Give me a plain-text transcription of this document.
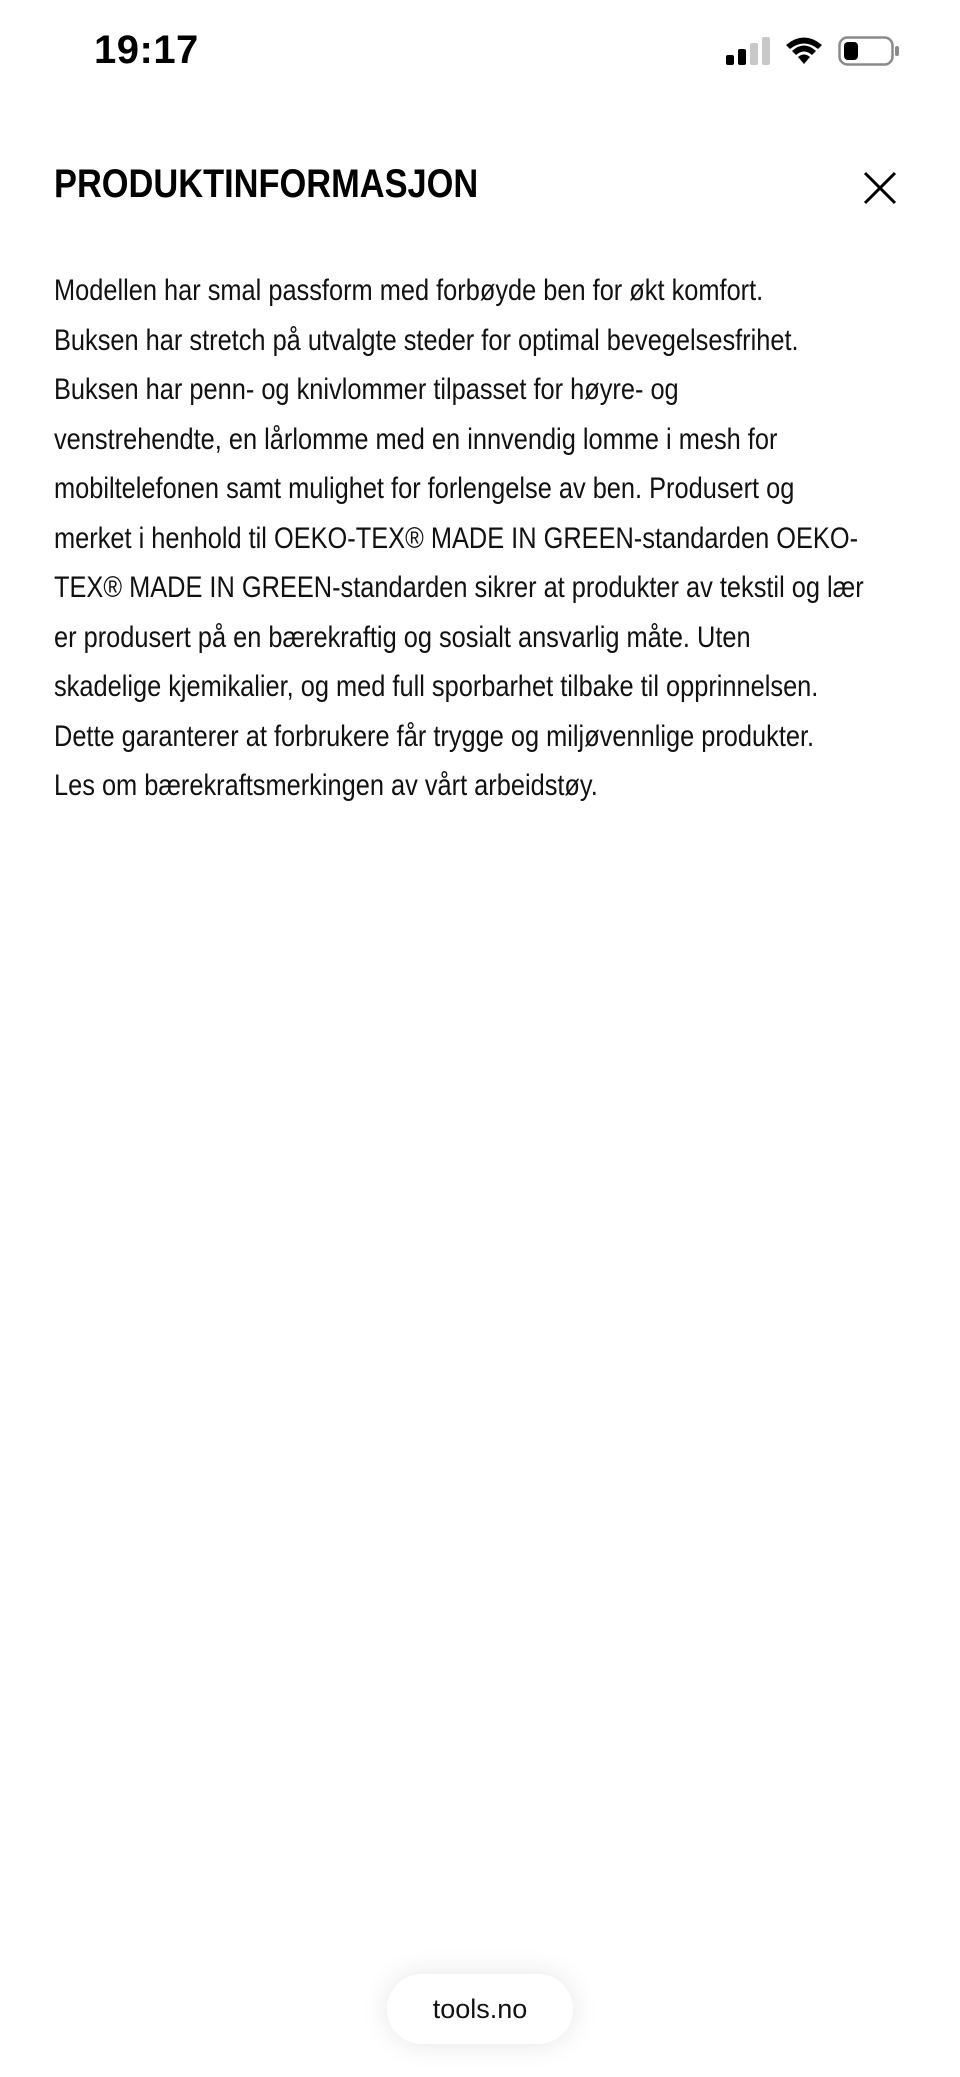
19:17
PRODUKTINFORMASJON
Modellen har smal passform med forbøyde ben for økt komfort.
Buksen har stretch på utvalgte steder for optimal bevegelsesfrihet.
Buksen har penn- og knivlommer tilpasset for høyre- og
venstrehendte, en lårlomme med en innvendig lomme i mesh for
mobiltelefonen samt mulighet for forlengelse av ben. Produsert og
merket i henhold til OEKO-TEX® MADE IN GREEN-standarden OEKO-
TEX® MADE IN GREEN-standarden sikrer at produkter av tekstil og lær
er produsert på en bærekraftig og sosialt ansvarlig måte. Uten
skadelige kjemikalier, og med full sporbarhet tilbake til opprinnelsen.
Dette garanterer at forbrukere får trygge og miljøvennlige produkter.
Les om bærekraftsmerkingen av vårt arbeidstøy.
tools.no
